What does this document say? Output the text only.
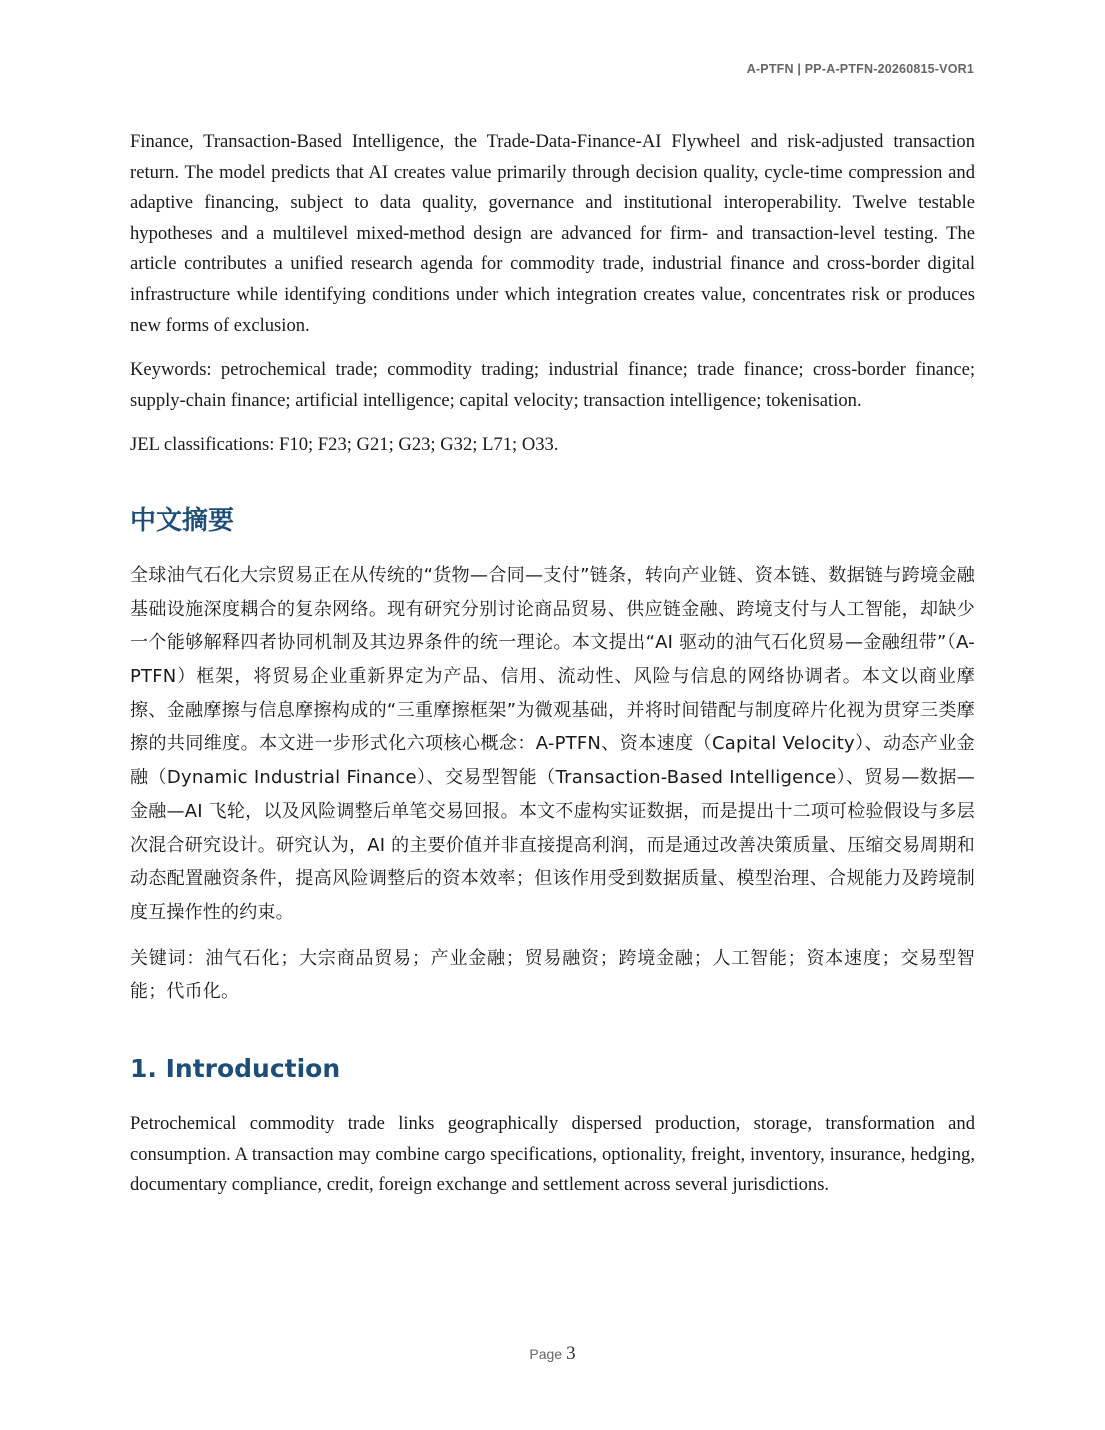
A-PTFN | PP-A-PTFN-20260815-VOR1

Finance, Transaction-Based Intelligence, the Trade-Data-Finance-AI Flywheel and risk-adjusted transaction return. The model predicts that AI creates value primarily through decision quality, cycle-time compression and adaptive financing, subject to data quality, governance and institutional interoperability. Twelve testable hypotheses and a multilevel mixed-method design are advanced for firm- and transaction-level testing. The article contributes a unified research agenda for commodity trade, industrial finance and cross-border digital infrastructure while identifying conditions under which integration creates value, concentrates risk or produces new forms of exclusion.

Keywords: petrochemical trade; commodity trading; industrial finance; trade finance; cross-border finance; supply-chain finance; artificial intelligence; capital velocity; transaction intelligence; tokenisation.

JEL classifications: F10; F23; G21; G23; G32; L71; O33.

中文摘要

全球油气石化大宗贸易正在从传统的“货物—合同—支付”链条，转向产业链、资本链、数据链与跨境金融基础设施深度耦合的复杂网络。现有研究分别讨论商品贸易、供应链金融、跨境支付与人工智能，却缺少一个能够解释四者协同机制及其边界条件的统一理论。本文提出“AI 驱动的油气石化贸易—金融纽带”（A-PTFN）框架，将贸易企业重新界定为产品、信用、流动性、风险与信息的网络协调者。本文以商业摩擦、金融摩擦与信息摩擦构成的“三重摩擦框架”为微观基础，并将时间错配与制度碎片化视为贯穿三类摩擦的共同维度。本文进一步形式化六项核心概念：A-PTFN、资本速度（Capital Velocity）、动态产业金融（Dynamic Industrial Finance）、交易型智能（Transaction-Based Intelligence）、贸易—数据—金融—AI 飞轮，以及风险调整后单笔交易回报。本文不虚构实证数据，而是提出十二项可检验假设与多层次混合研究设计。研究认为，AI 的主要价值并非直接提高利润，而是通过改善决策质量、压缩交易周期和动态配置融资条件，提高风险调整后的资本效率；但该作用受到数据质量、模型治理、合规能力及跨境制度互操作性的约束。

关键词：油气石化；大宗商品贸易；产业金融；贸易融资；跨境金融；人工智能；资本速度；交易型智能；代币化。

1. Introduction

Petrochemical commodity trade links geographically dispersed production, storage, transformation and consumption. A transaction may combine cargo specifications, optionality, freight, inventory, insurance, hedging, documentary compliance, credit, foreign exchange and settlement across several jurisdictions.

Page 3
